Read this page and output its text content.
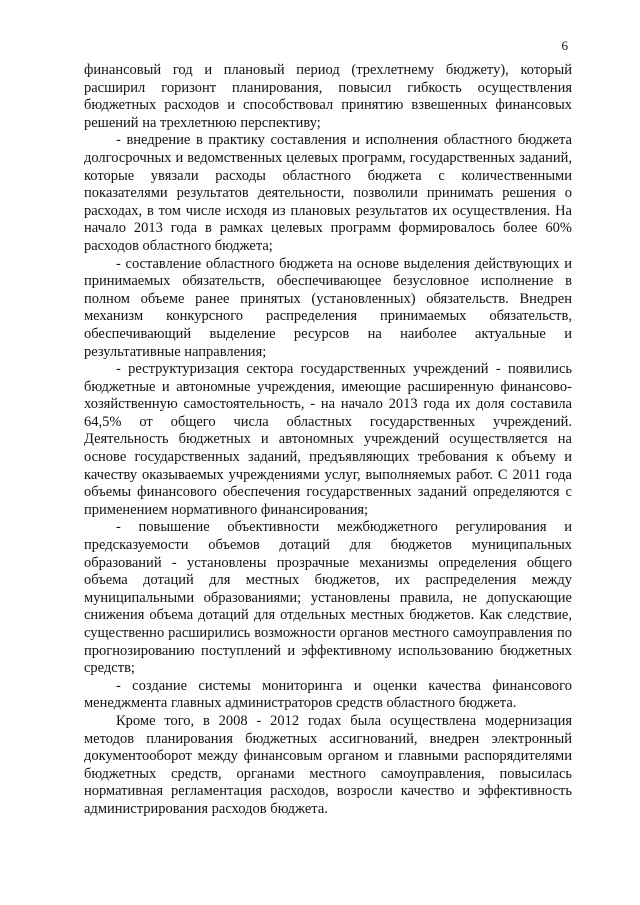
6

финансовый год и плановый период (трехлетнему бюджету), который расширил горизонт планирования, повысил гибкость осуществления бюджетных расходов и способствовал принятию взвешенных финансовых решений на трехлетнюю перспективу;

- внедрение в практику составления и исполнения областного бюджета долгосрочных и ведомственных целевых программ, государственных заданий, которые увязали расходы областного бюджета с количественными показателями результатов деятельности, позволили принимать решения о расходах, в том числе исходя из плановых результатов их осуществления. На начало 2013 года в рамках целевых программ формировалось более 60% расходов областного бюджета;

- составление областного бюджета на основе выделения действующих и принимаемых обязательств, обеспечивающее безусловное исполнение в полном объеме ранее принятых (установленных) обязательств. Внедрен механизм конкурсного распределения принимаемых обязательств, обеспечивающий выделение ресурсов на наиболее актуальные и результативные направления;

- реструктуризация сектора государственных учреждений - появились бюджетные и автономные учреждения, имеющие расширенную финансово-хозяйственную самостоятельность, - на начало 2013 года их доля составила 64,5% от общего числа областных государственных учреждений. Деятельность бюджетных и автономных учреждений осуществляется на основе государственных заданий, предъявляющих требования к объему и качеству оказываемых учреждениями услуг, выполняемых работ. С 2011 года объемы финансового обеспечения государственных заданий определяются с применением нормативного финансирования;

- повышение объективности межбюджетного регулирования и предсказуемости объемов дотаций для бюджетов муниципальных образований - установлены прозрачные механизмы определения общего объема дотаций для местных бюджетов, их распределения между муниципальными образованиями; установлены правила, не допускающие снижения объема дотаций для отдельных местных бюджетов. Как следствие, существенно расширились возможности органов местного самоуправления по прогнозированию поступлений и эффективному использованию бюджетных средств;

- создание системы мониторинга и оценки качества финансового менеджмента главных администраторов средств областного бюджета.

Кроме того, в 2008 - 2012 годах была осуществлена модернизация методов планирования бюджетных ассигнований, внедрен электронный документооборот между финансовым органом и главными распорядителями бюджетных средств, органами местного самоуправления, повысилась нормативная регламентация расходов, возросли качество и эффективность администрирования расходов бюджета.
